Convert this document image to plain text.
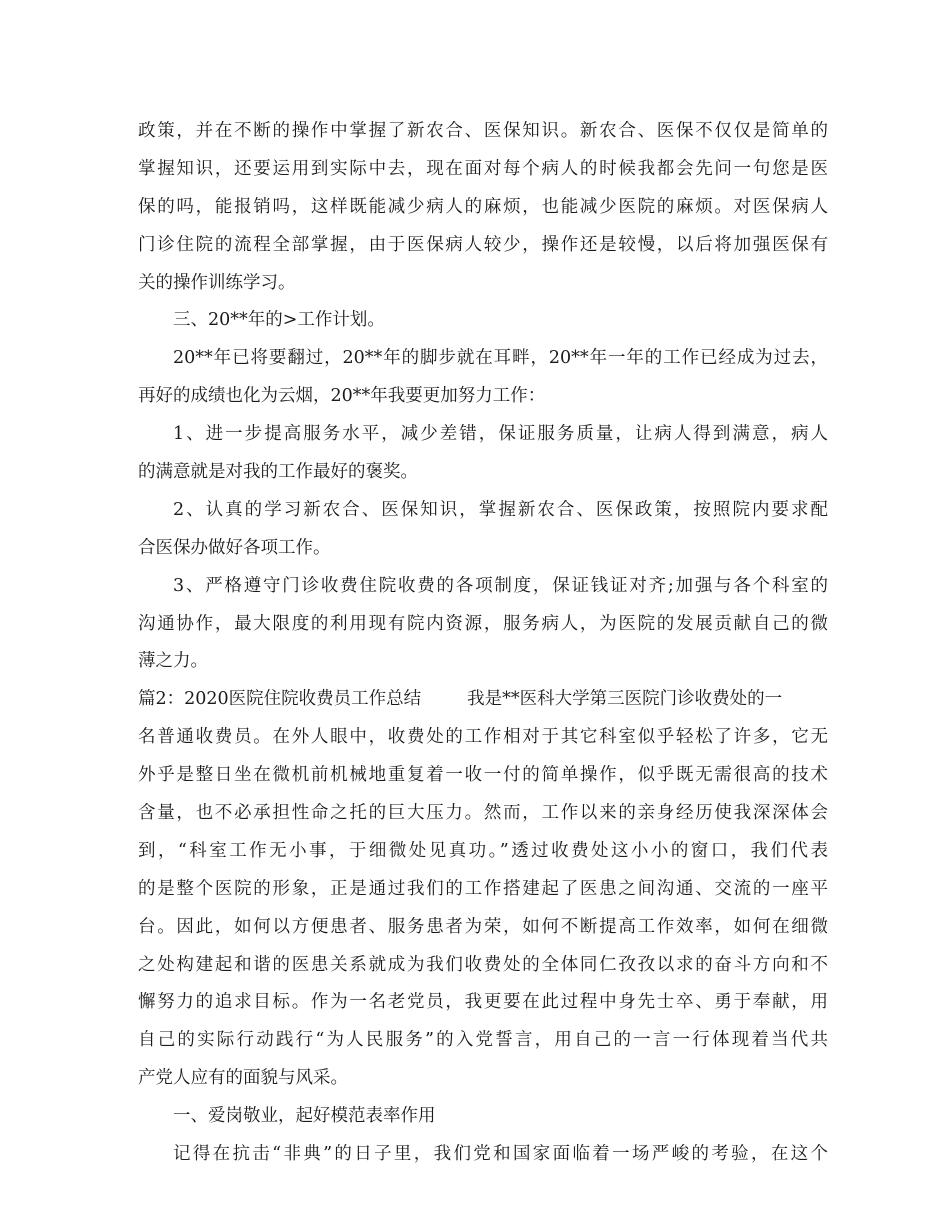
政策，并在不断的操作中掌握了新农合、医保知识。新农合、医保不仅仅是简单的
掌握知识，还要运用到实际中去，现在面对每个病人的时候我都会先问一句您是医
保的吗，能报销吗，这样既能减少病人的麻烦，也能减少医院的麻烦。对医保病人
门诊住院的流程全部掌握，由于医保病人较少，操作还是较慢，以后将加强医保有
关的操作训练学习。
三、20**年的>工作计划。
20**年已将要翻过，20**年的脚步就在耳畔，20**年一年的工作已经成为过去，
再好的成绩也化为云烟，20**年我要更加努力工作：
1、进一步提高服务水平，减少差错，保证服务质量，让病人得到满意，病人
的满意就是对我的工作最好的褒奖。
2、认真的学习新农合、医保知识，掌握新农合、医保政策，按照院内要求配
合医保办做好各项工作。
3、严格遵守门诊收费住院收费的各项制度，保证钱证对齐;加强与各个科室的
沟通协作，最大限度的利用现有院内资源，服务病人，为医院的发展贡献自己的微
薄之力。
篇2：2020医院住院收费员工作总结	我是**医科大学第三医院门诊收费处的一
名普通收费员。在外人眼中，收费处的工作相对于其它科室似乎轻松了许多，它无
外乎是整日坐在微机前机械地重复着一收一付的简单操作，似乎既无需很高的技术
含量，也不必承担性命之托的巨大压力。然而，工作以来的亲身经历使我深深体会
到，“科室工作无小事，于细微处见真功。”透过收费处这小小的窗口，我们代表
的是整个医院的形象，正是通过我们的工作搭建起了医患之间沟通、交流的一座平
台。因此，如何以方便患者、服务患者为荣，如何不断提高工作效率，如何在细微
之处构建起和谐的医患关系就成为我们收费处的全体同仁孜孜以求的奋斗方向和不
懈努力的追求目标。作为一名老党员，我更要在此过程中身先士卒、勇于奉献，用
自己的实际行动践行“为人民服务”的入党誓言，用自己的一言一行体现着当代共
产党人应有的面貌与风采。
一、爱岗敬业，起好模范表率作用
记得在抗击“非典”的日子里，我们党和国家面临着一场严峻的考验，在这个
